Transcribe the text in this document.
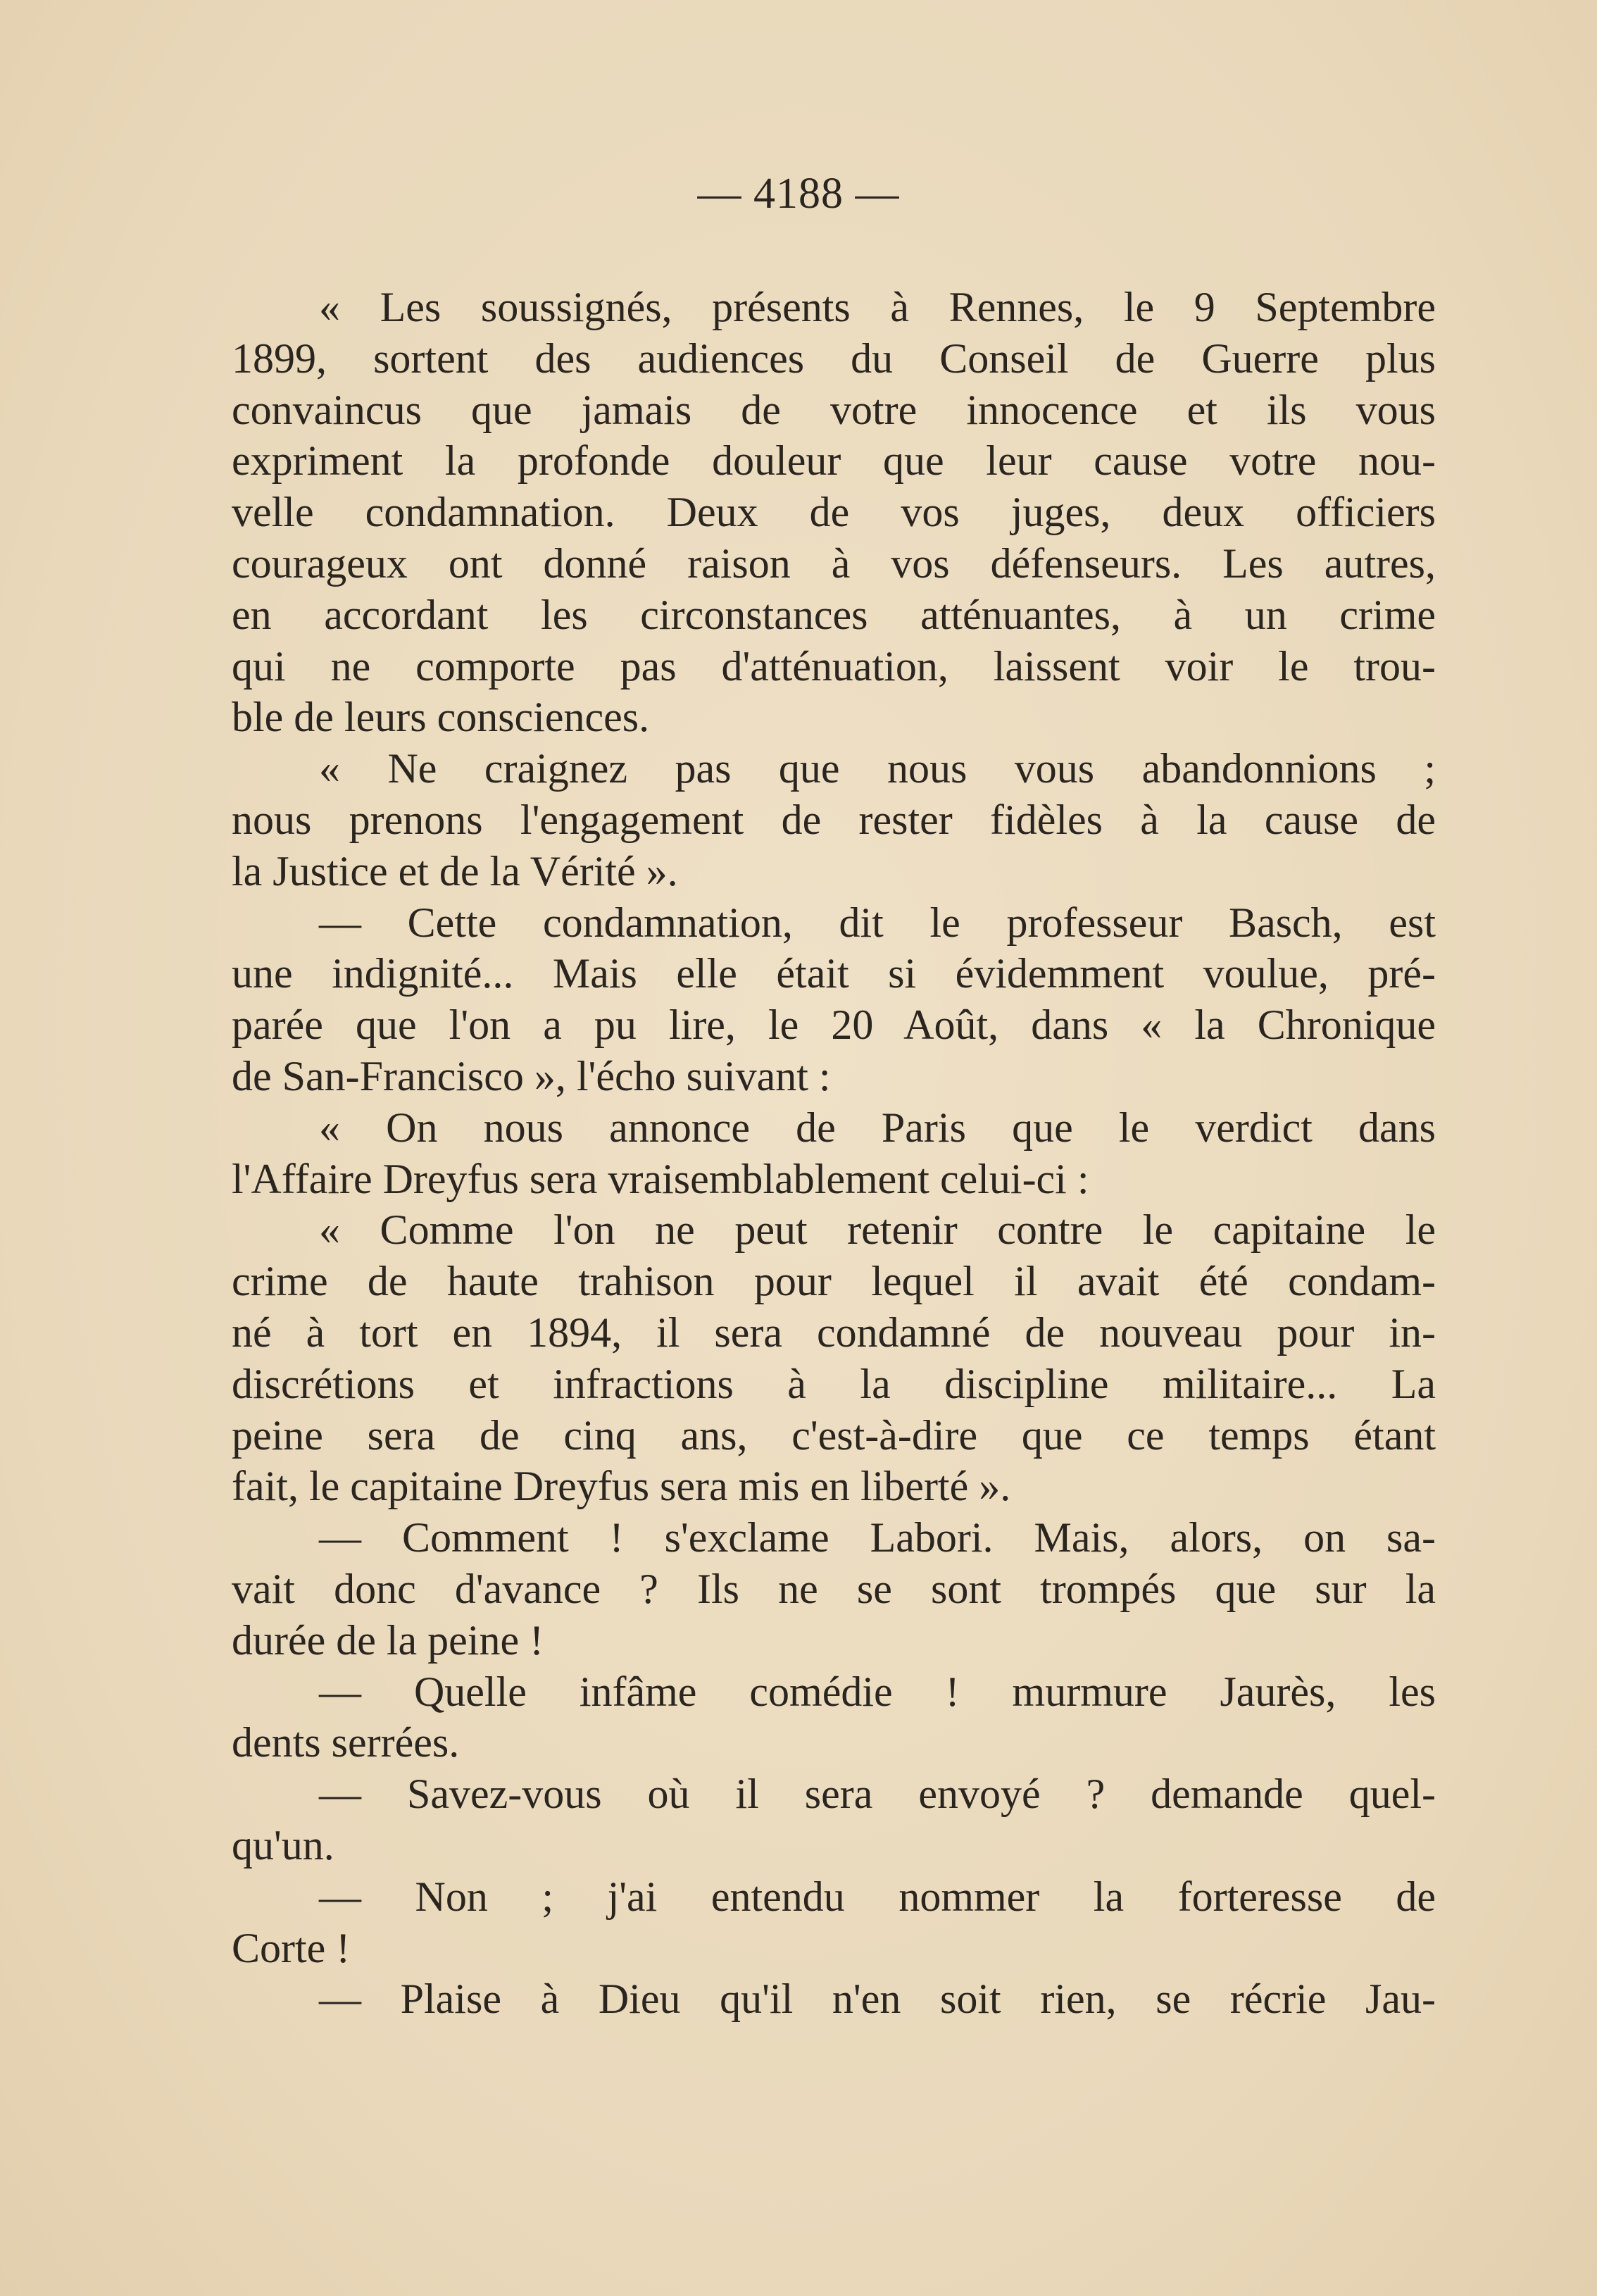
— 4188 —
« Les soussignés, présents à Rennes, le 9 Septembre
1899, sortent des audiences du Conseil de Guerre plus
convaincus que jamais de votre innocence et ils vous
expriment la profonde douleur que leur cause votre nou-
velle condamnation. Deux de vos juges, deux officiers
courageux ont donné raison à vos défenseurs. Les autres,
en accordant les circonstances atténuantes, à un crime
qui ne comporte pas d'atténuation, laissent voir le trou-
ble de leurs consciences.
« Ne craignez pas que nous vous abandonnions ;
nous prenons l'engagement de rester fidèles à la cause de
la Justice et de la Vérité ».
— Cette condamnation, dit le professeur Basch, est
une indignité... Mais elle était si évidemment voulue, pré-
parée que l'on a pu lire, le 20 Août, dans « la Chronique
de San-Francisco », l'écho suivant :
« On nous annonce de Paris que le verdict dans
l'Affaire Dreyfus sera vraisemblablement celui-ci :
« Comme l'on ne peut retenir contre le capitaine le
crime de haute trahison pour lequel il avait été condam-
né à tort en 1894, il sera condamné de nouveau pour in-
discrétions et infractions à la discipline militaire... La
peine sera de cinq ans, c'est-à-dire que ce temps étant
fait, le capitaine Dreyfus sera mis en liberté ».
— Comment ! s'exclame Labori. Mais, alors, on sa-
vait donc d'avance ? Ils ne se sont trompés que sur la
durée de la peine !
— Quelle infâme comédie ! murmure Jaurès, les
dents serrées.
— Savez-vous où il sera envoyé ? demande quel-
qu'un.
— Non ; j'ai entendu nommer la forteresse de
Corte !
— Plaise à Dieu qu'il n'en soit rien, se récrie Jau-
